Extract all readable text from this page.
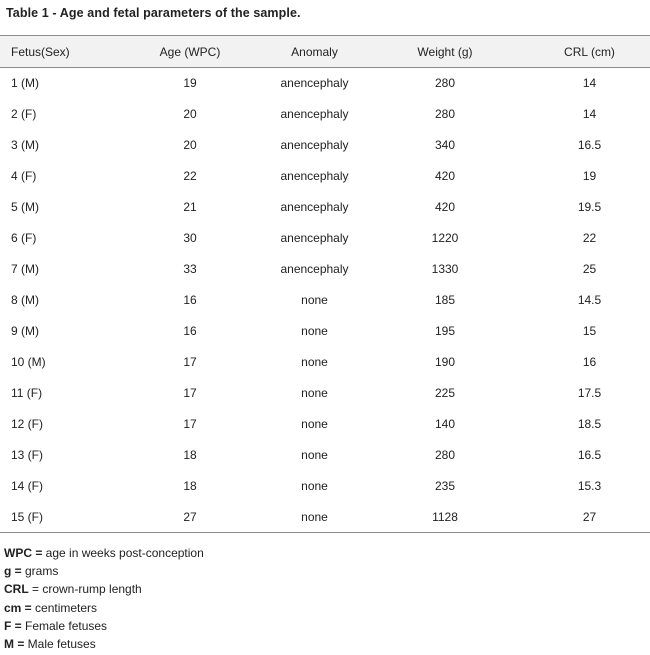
Table 1 - Age and fetal parameters of the sample.
Fetus(Sex)	Age (WPC)	Anomaly	Weight (g)	CRL (cm)
1 (M)	19	anencephaly	280	14
2 (F)	20	anencephaly	280	14
3 (M)	20	anencephaly	340	16.5
4 (F)	22	anencephaly	420	19
5 (M)	21	anencephaly	420	19.5
6 (F)	30	anencephaly	1220	22
7 (M)	33	anencephaly	1330	25
8 (M)	16	none	185	14.5
9 (M)	16	none	195	15
10 (M)	17	none	190	16
11 (F)	17	none	225	17.5
12 (F)	17	none	140	18.5
13 (F)	18	none	280	16.5
14 (F)	18	none	235	15.3
15 (F)	27	none	1128	27
WPC = age in weeks post-conception
g = grams
CRL = crown-rump length
cm = centimeters
F = Female fetuses
M = Male fetuses
